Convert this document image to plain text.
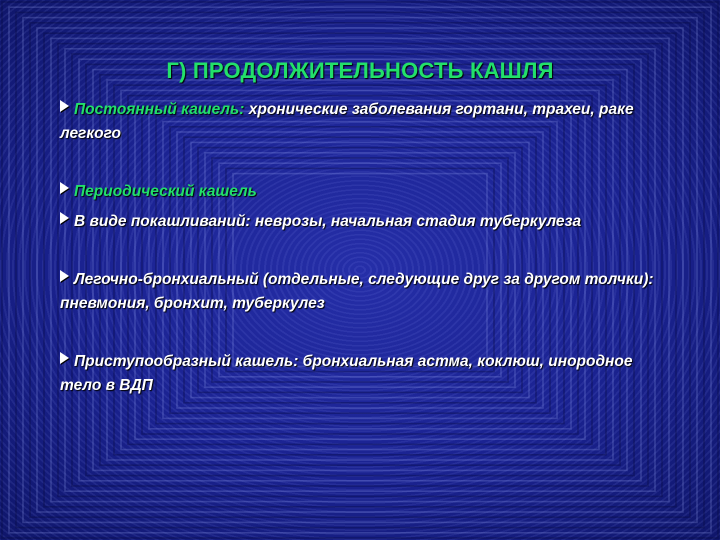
Г) ПРОДОЛЖИТЕЛЬНОСТЬ КАШЛЯ
Постоянный кашель: хронические заболевания гортани, трахеи, раке легкого
Периодический кашель
В виде покашливаний: неврозы, начальная стадия туберкулеза
Легочно-бронхиальный (отдельные, следующие друг за другом толчки): пневмония, бронхит, туберкулез
Приступообразный кашель: бронхиальная астма, коклюш, инородное тело в ВДП
